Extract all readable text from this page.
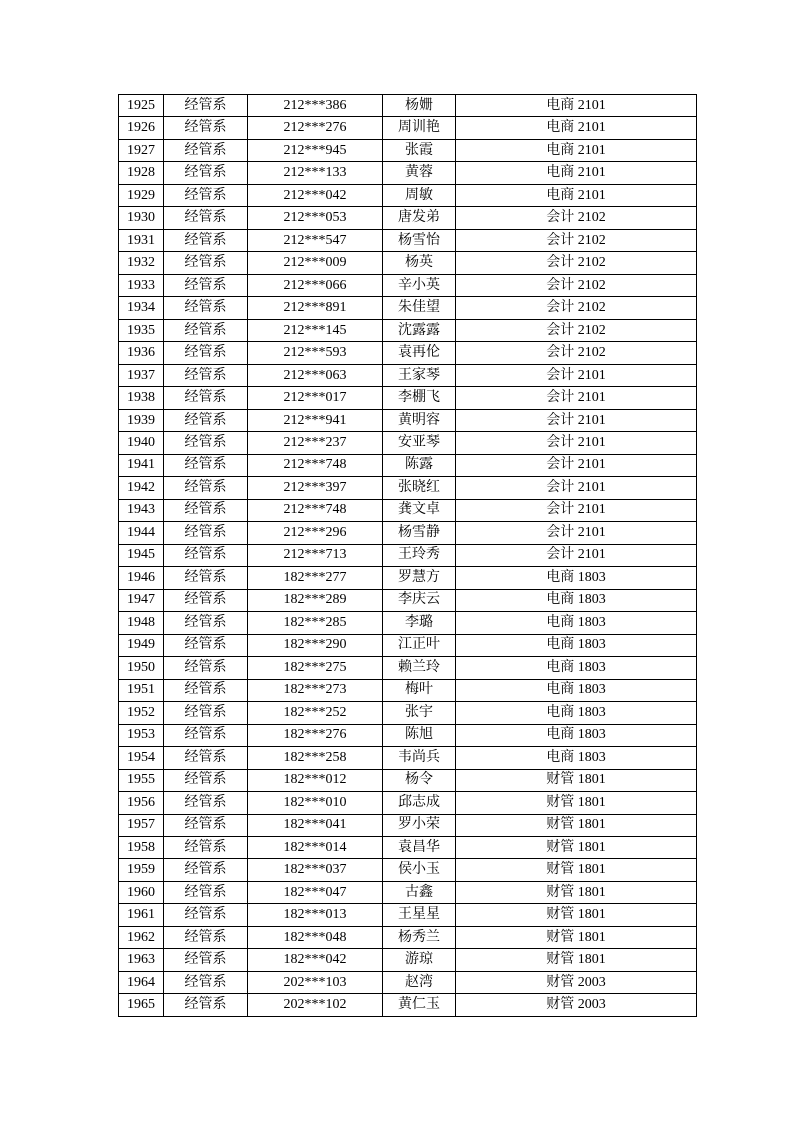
1925	经管系	212***386	杨姗	电商 2101
1926	经管系	212***276	周训艳	电商 2101
1927	经管系	212***945	张霞	电商 2101
1928	经管系	212***133	黄蓉	电商 2101
1929	经管系	212***042	周敏	电商 2101
1930	经管系	212***053	唐发弟	会计 2102
1931	经管系	212***547	杨雪怡	会计 2102
1932	经管系	212***009	杨英	会计 2102
1933	经管系	212***066	辛小英	会计 2102
1934	经管系	212***891	朱佳望	会计 2102
1935	经管系	212***145	沈露露	会计 2102
1936	经管系	212***593	袁再伦	会计 2102
1937	经管系	212***063	王家琴	会计 2101
1938	经管系	212***017	李棚飞	会计 2101
1939	经管系	212***941	黄明容	会计 2101
1940	经管系	212***237	安亚琴	会计 2101
1941	经管系	212***748	陈露	会计 2101
1942	经管系	212***397	张晓红	会计 2101
1943	经管系	212***748	龚文卓	会计 2101
1944	经管系	212***296	杨雪静	会计 2101
1945	经管系	212***713	王玲秀	会计 2101
1946	经管系	182***277	罗慧方	电商 1803
1947	经管系	182***289	李庆云	电商 1803
1948	经管系	182***285	李璐	电商 1803
1949	经管系	182***290	江正叶	电商 1803
1950	经管系	182***275	赖兰玲	电商 1803
1951	经管系	182***273	梅叶	电商 1803
1952	经管系	182***252	张宇	电商 1803
1953	经管系	182***276	陈旭	电商 1803
1954	经管系	182***258	韦尚兵	电商 1803
1955	经管系	182***012	杨令	财管 1801
1956	经管系	182***010	邱志成	财管 1801
1957	经管系	182***041	罗小荣	财管 1801
1958	经管系	182***014	袁昌华	财管 1801
1959	经管系	182***037	侯小玉	财管 1801
1960	经管系	182***047	古鑫	财管 1801
1961	经管系	182***013	王星星	财管 1801
1962	经管系	182***048	杨秀兰	财管 1801
1963	经管系	182***042	游琼	财管 1801
1964	经管系	202***103	赵湾	财管 2003
1965	经管系	202***102	黄仁玉	财管 2003
